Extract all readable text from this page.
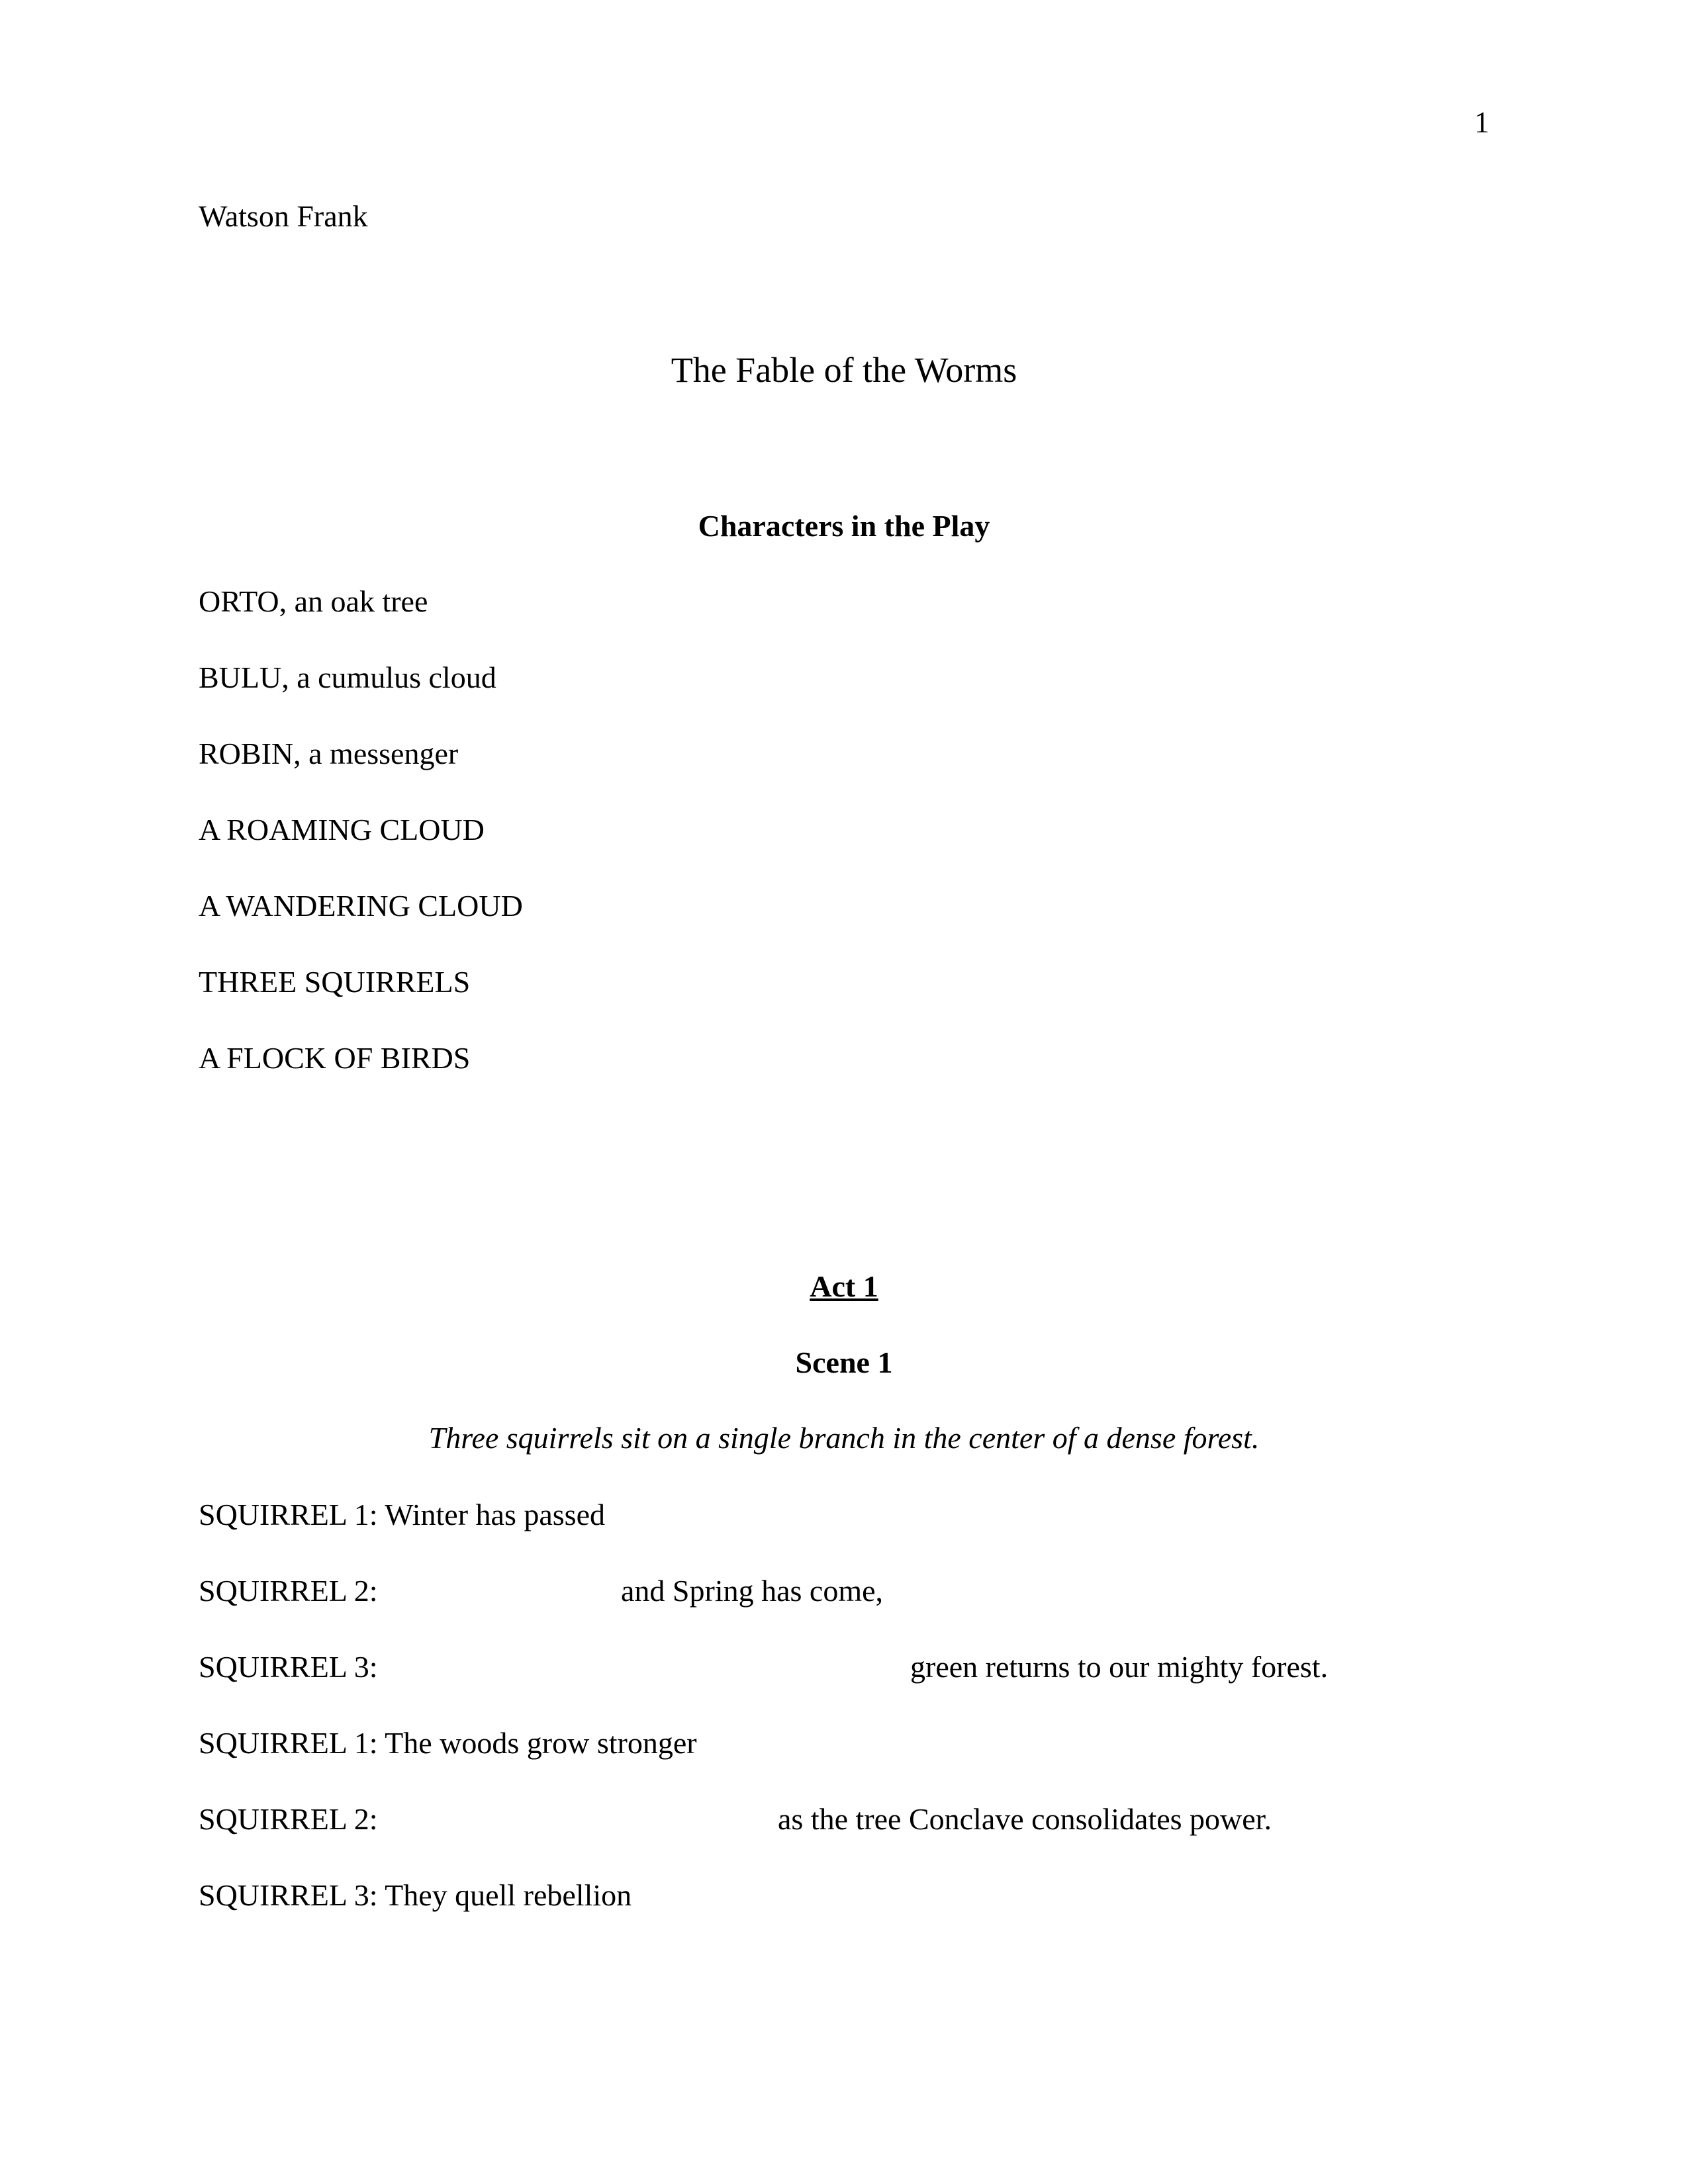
1
Watson Frank
The Fable of the Worms
Characters in the Play
ORTO, an oak tree
BULU, a cumulus cloud
ROBIN, a messenger
A ROAMING CLOUD
A WANDERING CLOUD
THREE SQUIRRELS
A FLOCK OF BIRDS
Act 1
Scene 1
Three squirrels sit on a single branch in the center of a dense forest.
SQUIRREL 1: Winter has passed
SQUIRREL 2:	and Spring has come,
SQUIRREL 3:	green returns to our mighty forest.
SQUIRREL 1: The woods grow stronger
SQUIRREL 2:	as the tree Conclave consolidates power.
SQUIRREL 3: They quell rebellion
